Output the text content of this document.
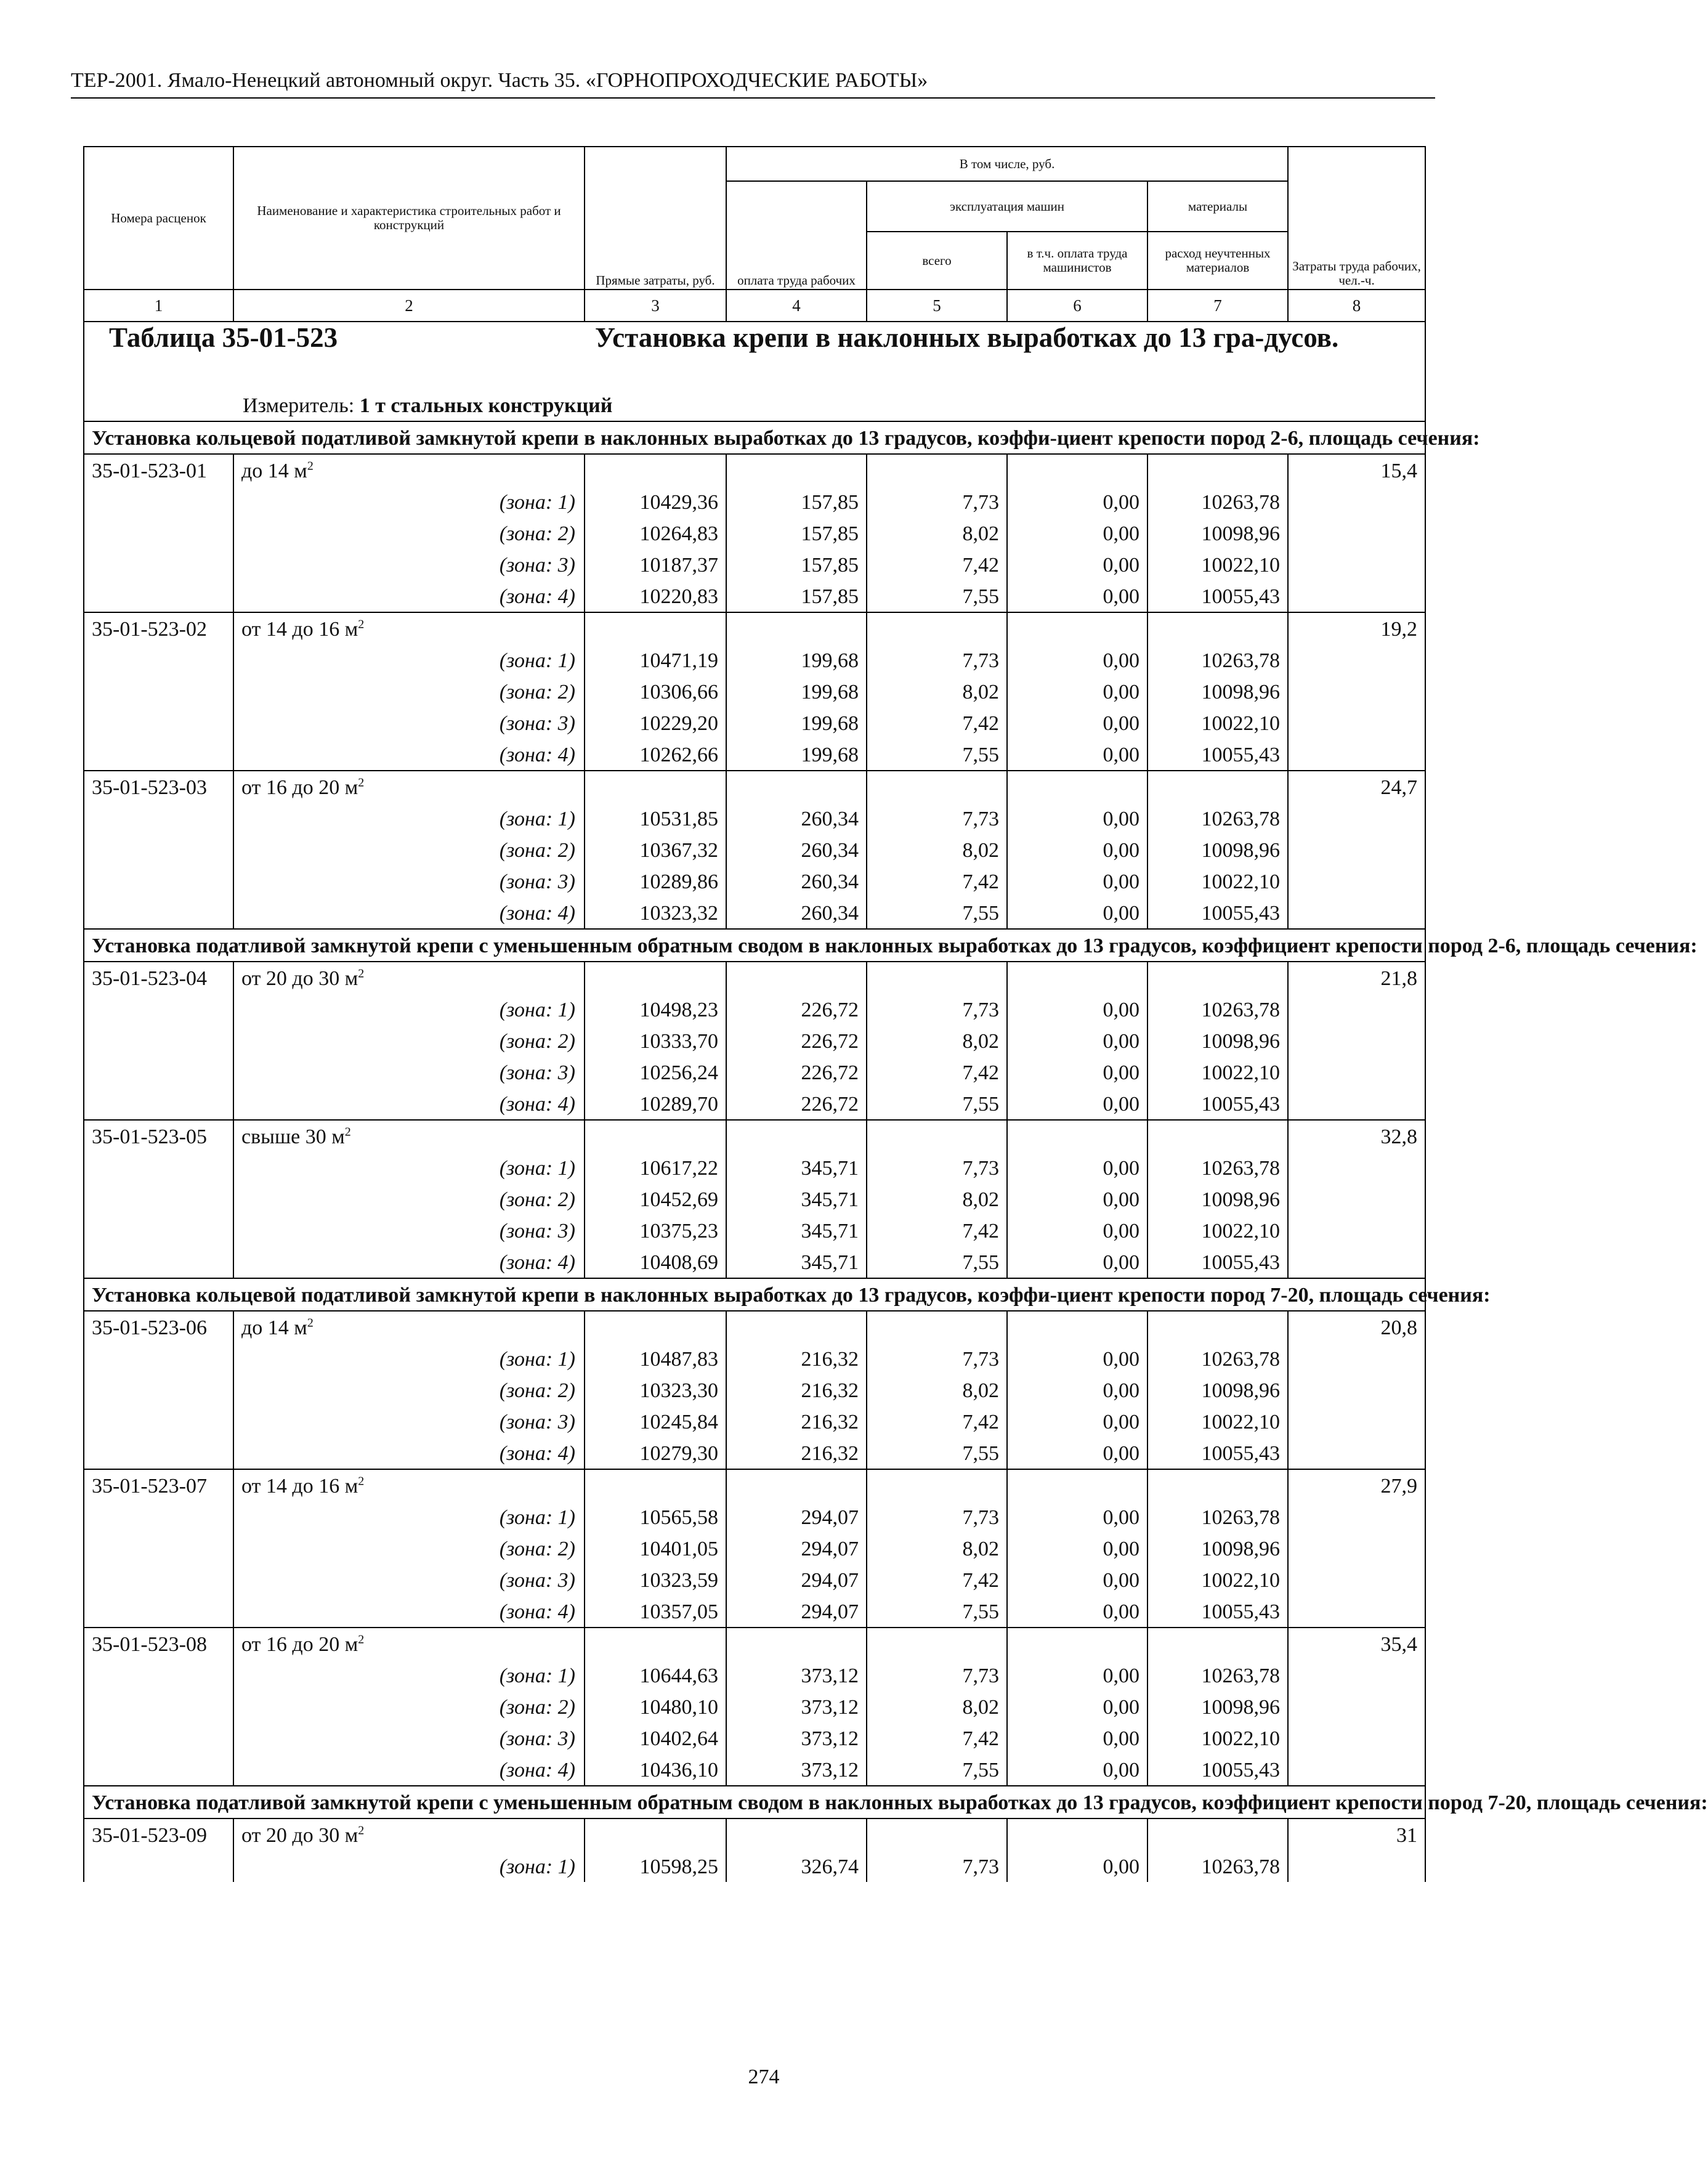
ТЕР-2001. Ямало-Ненецкий автономный округ. Часть 35. «ГОРНОПРОХОДЧЕСКИЕ РАБОТЫ»
Номера расценок	Наименование и характеристика строительных работ и конструкций	Прямые затраты, руб.	В том числе, руб.				Затраты труда рабочих, чел.-ч.
			оплата труда рабочих	эксплуатация машин		материалы	
				всего	в т.ч. оплата труда машинистов	расход неучтенных материалов	
1	2	3	4	5	6	7	8

Таблица 35-01-523 Установка крепи в наклонных выработках до 13 гра-дусов.
Измеритель: 1 т стальных конструкций							

Установка кольцевой податливой замкнутой крепи в наклонных выработках до 13 градусов, коэффи-циент крепости пород 2-6, площадь сечения:							
35-01-523-01	до 14 $м^2$						15,4
	(зона: 1)	10429,36	157,85	7,73	0,00	10263,78	
	(зона: 2)	10264,83	157,85	8,02	0,00	10098,96	
	(зона: 3)	10187,37	157,85	7,42	0,00	10022,10	
	(зона: 4)	10220,83	157,85	7,55	0,00	10055,43	
35-01-523-02	от 14 до 16 $м^2$						19,2
	(зона: 1)	10471,19	199,68	7,73	0,00	10263,78	
	(зона: 2)	10306,66	199,68	8,02	0,00	10098,96	
	(зона: 3)	10229,20	199,68	7,42	0,00	10022,10	
	(зона: 4)	10262,66	199,68	7,55	0,00	10055,43	
35-01-523-03	от 16 до 20 $м^2$						24,7
	(зона: 1)	10531,85	260,34	7,73	0,00	10263,78	
	(зона: 2)	10367,32	260,34	8,02	0,00	10098,96	
	(зона: 3)	10289,86	260,34	7,42	0,00	10022,10	
	(зона: 4)	10323,32	260,34	7,55	0,00	10055,43	
Установка податливой замкнутой крепи с уменьшенным обратным сводом в наклонных выработках до 13 градусов, коэффициент крепости пород 2-6, площадь сечения:							
35-01-523-04	от 20 до 30 $м^2$						21,8
	(зона: 1)	10498,23	226,72	7,73	0,00	10263,78	
	(зона: 2)	10333,70	226,72	8,02	0,00	10098,96	
	(зона: 3)	10256,24	226,72	7,42	0,00	10022,10	
	(зона: 4)	10289,70	226,72	7,55	0,00	10055,43	
35-01-523-05	свыше 30 $м^2$						32,8
	(зона: 1)	10617,22	345,71	7,73	0,00	10263,78	
	(зона: 2)	10452,69	345,71	8,02	0,00	10098,96	
	(зона: 3)	10375,23	345,71	7,42	0,00	10022,10	
	(зона: 4)	10408,69	345,71	7,55	0,00	10055,43	
Установка кольцевой податливой замкнутой крепи в наклонных выработках до 13 градусов, коэффи-циент крепости пород 7-20, площадь сечения:							
35-01-523-06	до 14 $м^2$						20,8
	(зона: 1)	10487,83	216,32	7,73	0,00	10263,78	
	(зона: 2)	10323,30	216,32	8,02	0,00	10098,96	
	(зона: 3)	10245,84	216,32	7,42	0,00	10022,10	
	(зона: 4)	10279,30	216,32	7,55	0,00	10055,43	
35-01-523-07	от 14 до 16 $м^2$						27,9
	(зона: 1)	10565,58	294,07	7,73	0,00	10263,78	
	(зона: 2)	10401,05	294,07	8,02	0,00	10098,96	
	(зона: 3)	10323,59	294,07	7,42	0,00	10022,10	
	(зона: 4)	10357,05	294,07	7,55	0,00	10055,43	
35-01-523-08	от 16 до 20 $м^2$						35,4
	(зона: 1)	10644,63	373,12	7,73	0,00	10263,78	
	(зона: 2)	10480,10	373,12	8,02	0,00	10098,96	
	(зона: 3)	10402,64	373,12	7,42	0,00	10022,10	
	(зона: 4)	10436,10	373,12	7,55	0,00	10055,43	
Установка податливой замкнутой крепи с уменьшенным обратным сводом в наклонных выработках до 13 градусов, коэффициент крепости пород 7-20, площадь сечения:							
35-01-523-09	от 20 до 30 $м^2$						31
	(зона: 1)	10598,25	326,74	7,73	0,00	10263,78	
274
